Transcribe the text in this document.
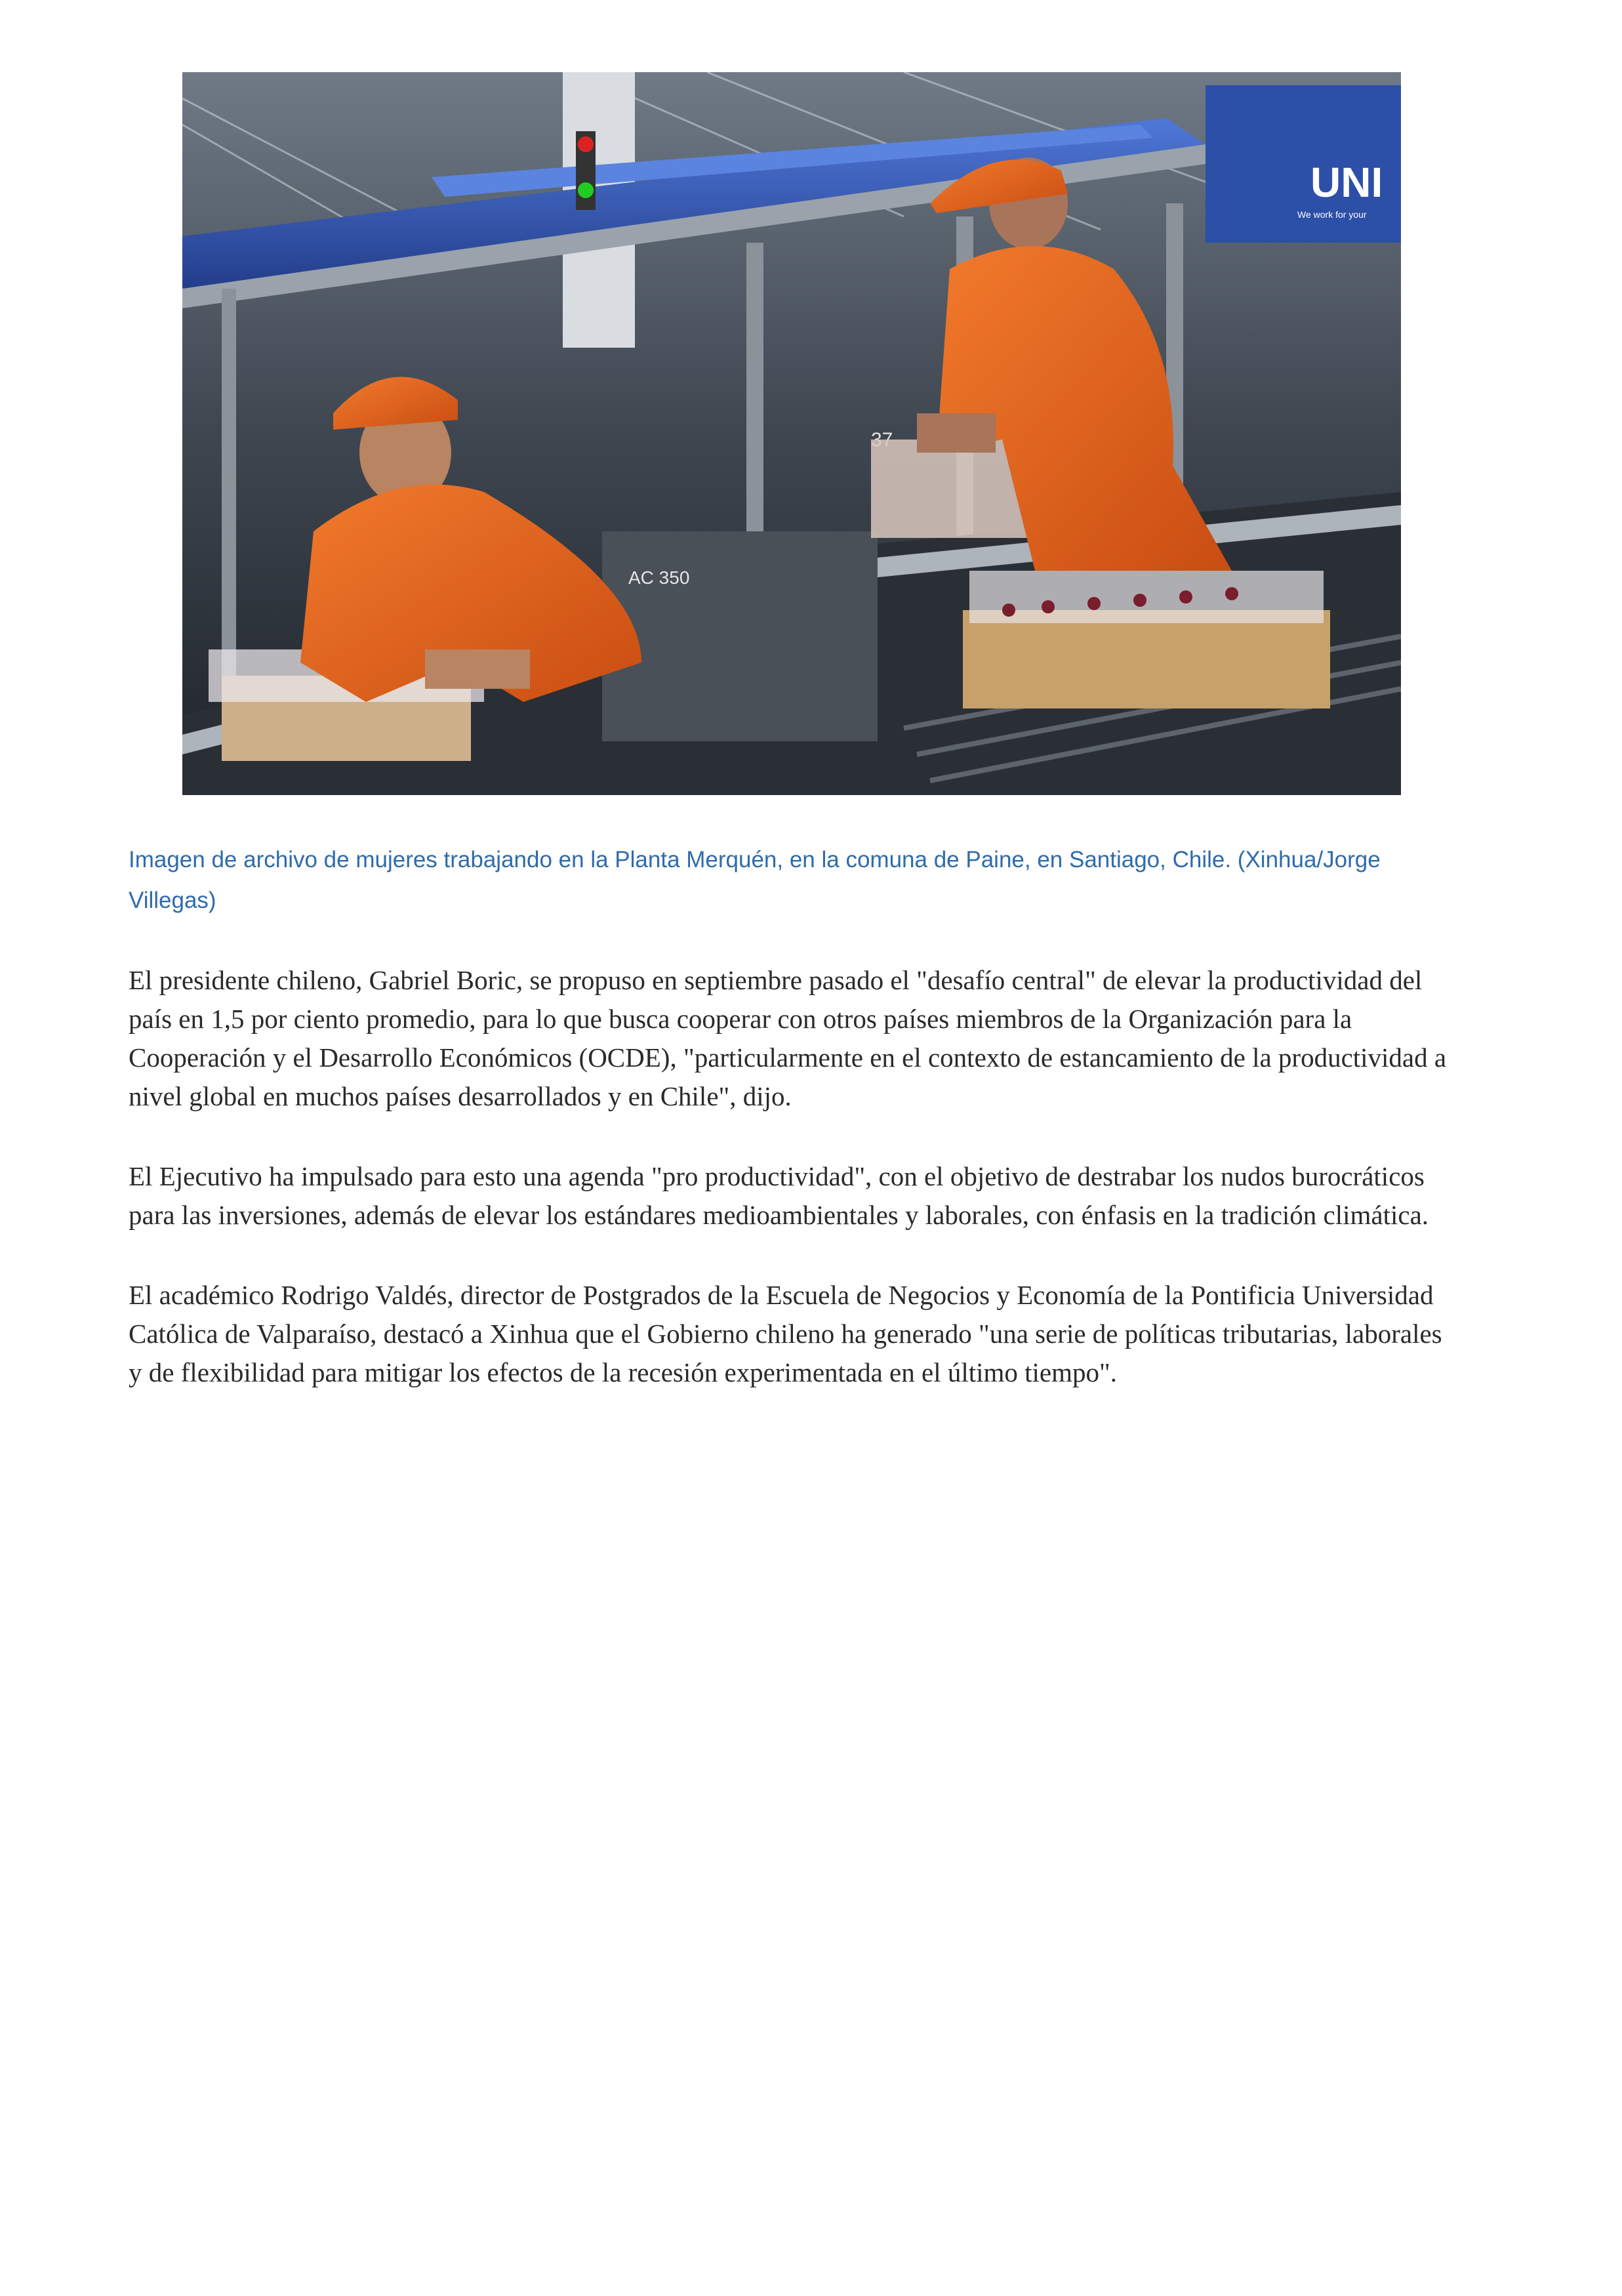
UNI
We work for your
AC 350

Imagen de archivo de mujeres trabajando en la Planta Merquén, en la comuna de Paine, en Santiago, Chile. (Xinhua/Jorge Villegas)

El presidente chileno, Gabriel Boric, se propuso en septiembre pasado el "desafío central" de elevar la productividad del país en 1,5 por ciento promedio, para lo que busca cooperar con otros países miembros de la Organización para la Cooperación y el Desarrollo Económicos (OCDE), "particularmente en el contexto de estancamiento de la productividad a nivel global en muchos países desarrollados y en Chile", dijo.

El Ejecutivo ha impulsado para esto una agenda "pro productividad", con el objetivo de destrabar los nudos burocráticos para las inversiones, además de elevar los estándares medioambientales y laborales, con énfasis en la tradición climática.

El académico Rodrigo Valdés, director de Postgrados de la Escuela de Negocios y Economía de la Pontificia Universidad Católica de Valparaíso, destacó a Xinhua que el Gobierno chileno ha generado "una serie de políticas tributarias, laborales y de flexibilidad para mitigar los efectos de la recesión experimentada en el último tiempo".
